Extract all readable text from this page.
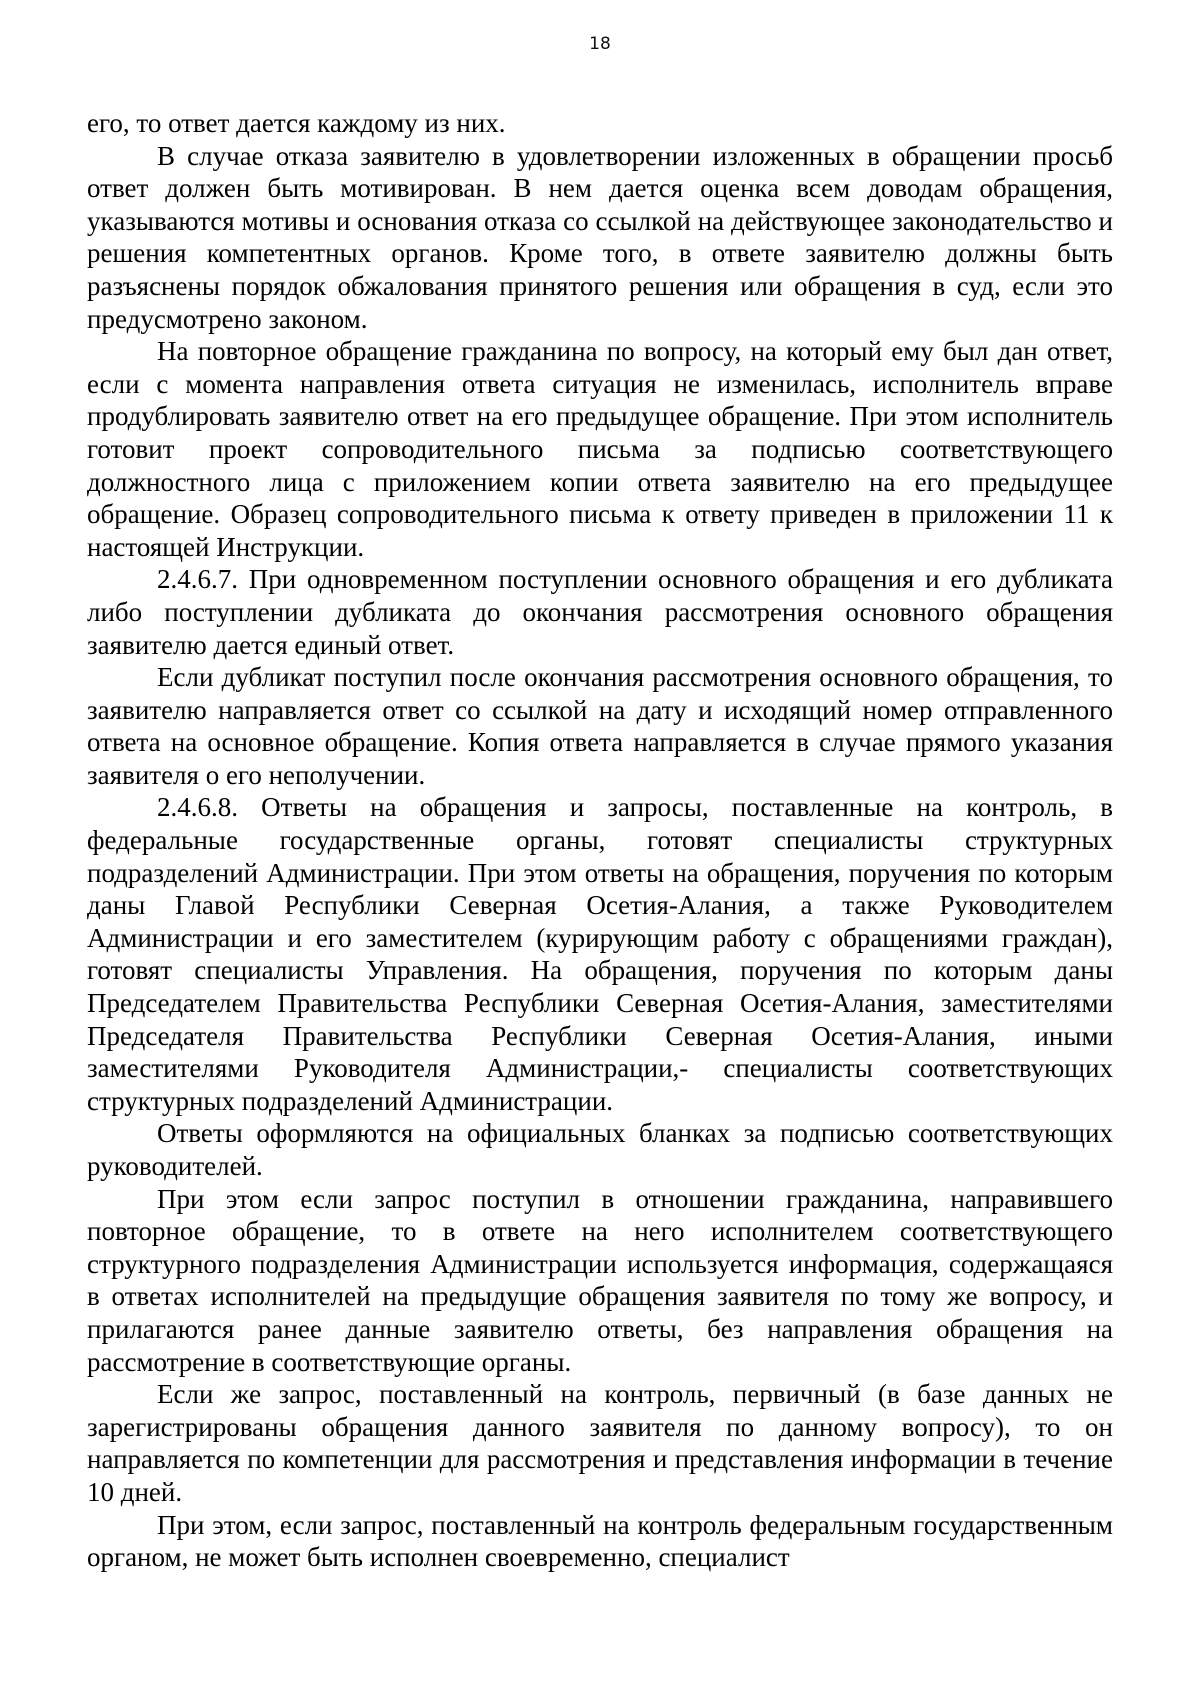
18

его, то ответ дается каждому из них.

В случае отказа заявителю в удовлетворении изложенных в обращении просьб ответ должен быть мотивирован. В нем дается оценка всем доводам обращения, указываются мотивы и основания отказа со ссылкой на действующее законодательство и решения компетентных органов. Кроме того, в ответе заявителю должны быть разъяснены порядок обжалования принятого решения или обращения в суд, если это предусмотрено законом.

На повторное обращение гражданина по вопросу, на который ему был дан ответ, если с момента направления ответа ситуация не изменилась, исполнитель вправе продублировать заявителю ответ на его предыдущее обращение. При этом исполнитель готовит проект сопроводительного письма за подписью соответствующего должностного лица с приложением копии ответа заявителю на его предыдущее обращение. Образец сопроводительного письма к ответу приведен в приложении 11 к настоящей Инструкции.

2.4.6.7. При одновременном поступлении основного обращения и его дубликата либо поступлении дубликата до окончания рассмотрения основного обращения заявителю дается единый ответ.

Если дубликат поступил после окончания рассмотрения основного обращения, то заявителю направляется ответ со ссылкой на дату и исходящий номер отправленного ответа на основное обращение. Копия ответа направляется в случае прямого указания заявителя о его неполучении.

2.4.6.8. Ответы на обращения и запросы, поставленные на контроль, в федеральные государственные органы, готовят специалисты структурных подразделений Администрации. При этом ответы на обращения, поручения по которым даны Главой Республики Северная Осетия-Алания, а также Руководителем Администрации и его заместителем (курирующим работу с обращениями граждан), готовят специалисты Управления. На обращения, поручения по которым даны Председателем Правительства Республики Северная Осетия-Алания, заместителями Председателя Правительства Республики Северная Осетия-Алания, иными заместителями Руководителя Администрации,- специалисты соответствующих структурных подразделений Администрации.

Ответы оформляются на официальных бланках за подписью соответствующих руководителей.

При этом если запрос поступил в отношении гражданина, направившего повторное обращение, то в ответе на него исполнителем соответствующего структурного подразделения Администрации используется информация, содержащаяся в ответах исполнителей на предыдущие обращения заявителя по тому же вопросу, и прилагаются ранее данные заявителю ответы, без направления обращения на рассмотрение в соответствующие органы.

Если же запрос, поставленный на контроль, первичный (в базе данных не зарегистрированы обращения данного заявителя по данному вопросу), то он направляется по компетенции для рассмотрения и представления информации в течение 10 дней.

При этом, если запрос, поставленный на контроль федеральным государственным органом, не может быть исполнен своевременно, специалист
